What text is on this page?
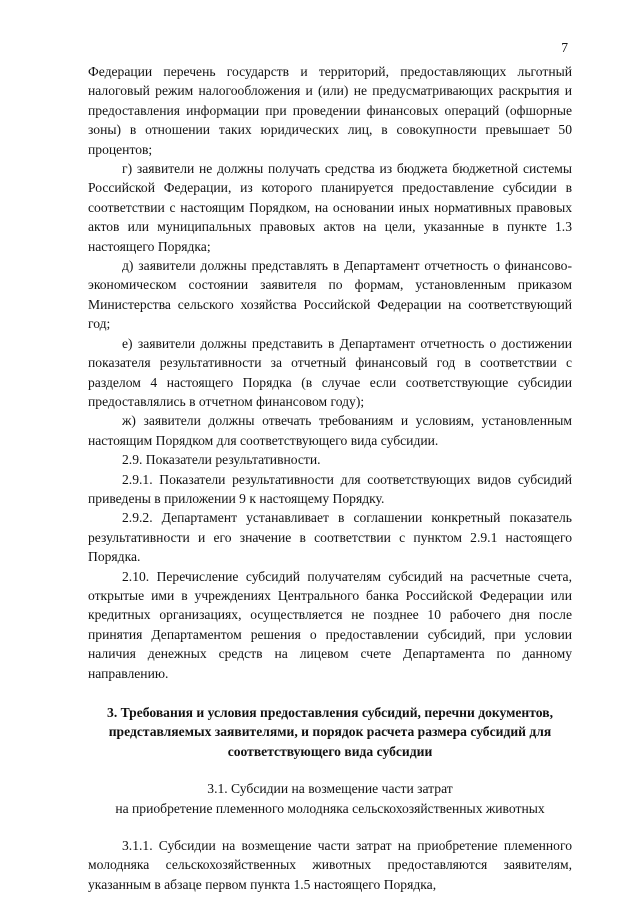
7

Федерации перечень государств и территорий, предоставляющих льготный налоговый режим налогообложения и (или) не предусматривающих раскрытия и предоставления информации при проведении финансовых операций (офшорные зоны) в отношении таких юридических лиц, в совокупности превышает 50 процентов;

г) заявители не должны получать средства из бюджета бюджетной системы Российской Федерации, из которого планируется предоставление субсидии в соответствии с настоящим Порядком, на основании иных нормативных правовых актов или муниципальных правовых актов на цели, указанные в пункте 1.3 настоящего Порядка;

д) заявители должны представлять в Департамент отчетность о финансово-экономическом состоянии заявителя по формам, установленным приказом Министерства сельского хозяйства Российской Федерации на соответствующий год;

е) заявители должны представить в Департамент отчетность о достижении показателя результативности за отчетный финансовый год в соответствии с разделом 4 настоящего Порядка (в случае если соответствующие субсидии предоставлялись в отчетном финансовом году);

ж) заявители должны отвечать требованиям и условиям, установленным настоящим Порядком для соответствующего вида субсидии.

2.9. Показатели результативности.

2.9.1. Показатели результативности для соответствующих видов субсидий приведены в приложении 9 к настоящему Порядку.

2.9.2. Департамент устанавливает в соглашении конкретный показатель результативности и его значение в соответствии с пунктом 2.9.1 настоящего Порядка.

2.10. Перечисление субсидий получателям субсидий на расчетные счета, открытые ими в учреждениях Центрального банка Российской Федерации или кредитных организациях, осуществляется не позднее 10 рабочего дня после принятия Департаментом решения о предоставлении субсидий, при условии наличия денежных средств на лицевом счете Департамента по данному направлению.

3. Требования и условия предоставления субсидий, перечни документов, представляемых заявителями, и порядок расчета размера субсидий для соответствующего вида субсидии
3.1. Субсидии на возмещение части затрат
на приобретение племенного молодняка сельскохозяйственных животных

3.1.1. Субсидии на возмещение части затрат на приобретение племенного молодняка сельскохозяйственных животных предоставляются заявителям, указанным в абзаце первом пункта 1.5 настоящего Порядка,
